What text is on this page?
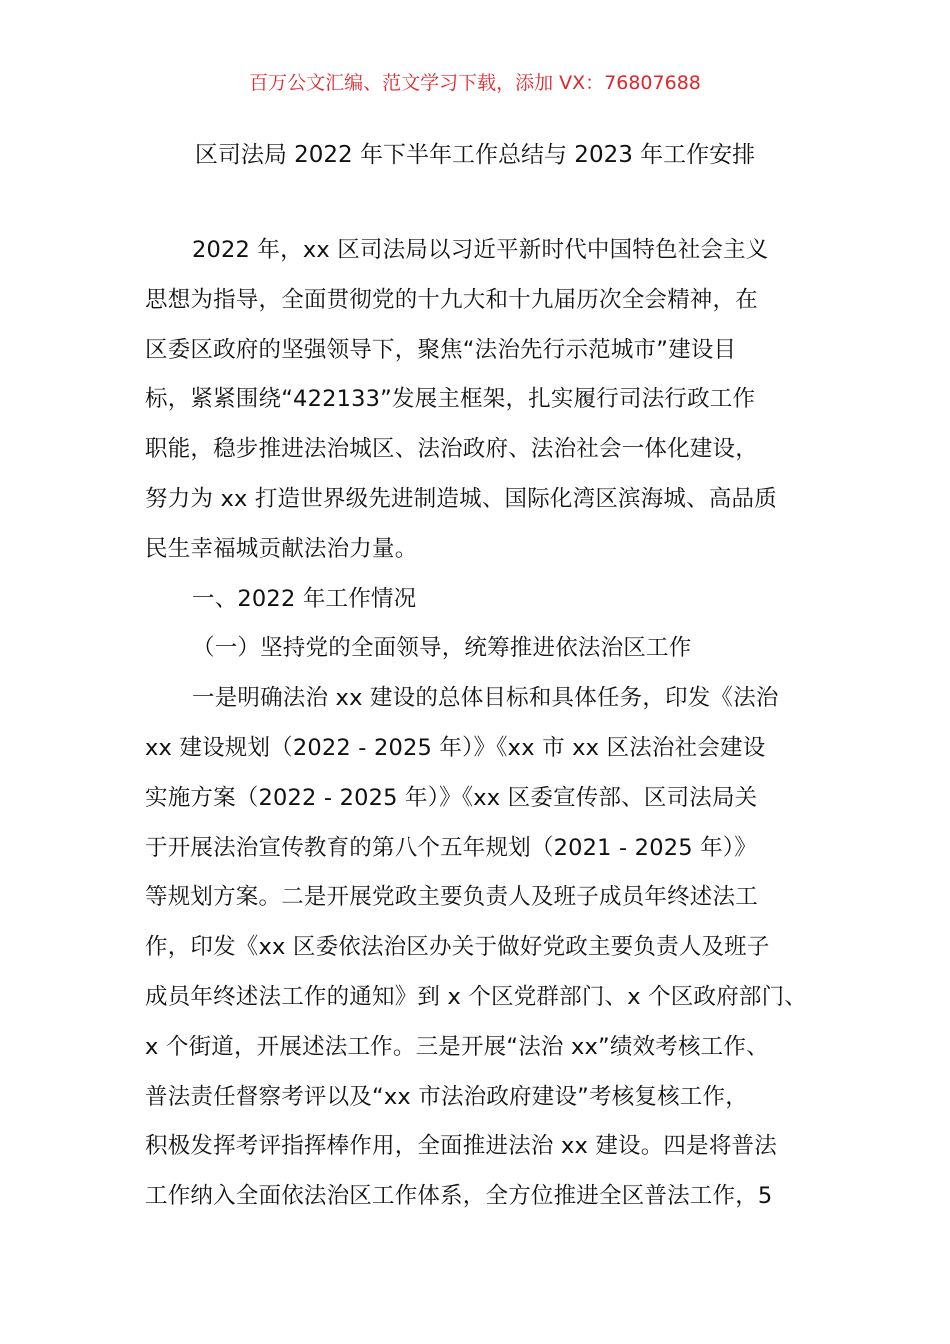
百万公文汇编、范文学习下载，添加 VX：76807688
区司法局 2022 年下半年工作总结与 2023 年工作安排
2022 年，xx 区司法局以习近平新时代中国特色社会主义
思想为指导，全面贯彻党的十九大和十九届历次全会精神，在
区委区政府的坚强领导下，聚焦“法治先行示范城市”建设目
标，紧紧围绕“422133”发展主框架，扎实履行司法行政工作
职能，稳步推进法治城区、法治政府、法治社会一体化建设，
努力为 xx 打造世界级先进制造城、国际化湾区滨海城、高品质
民生幸福城贡献法治力量。
一、2022 年工作情况
（一）坚持党的全面领导，统筹推进依法治区工作
一是明确法治 xx 建设的总体目标和具体任务，印发《法治
xx 建设规划（2022 - 2025 年）》《xx 市 xx 区法治社会建设
实施方案（2022 - 2025 年）》《xx 区委宣传部、区司法局关
于开展法治宣传教育的第八个五年规划（2021 - 2025 年）》
等规划方案。二是开展党政主要负责人及班子成员年终述法工
作，印发《xx 区委依法治区办关于做好党政主要负责人及班子
成员年终述法工作的通知》到 x 个区党群部门、x 个区政府部门、
x 个街道，开展述法工作。三是开展“法治 xx”绩效考核工作、
普法责任督察考评以及“xx 市法治政府建设”考核复核工作，
积极发挥考评指挥棒作用，全面推进法治 xx 建设。四是将普法
工作纳入全面依法治区工作体系，全方位推进全区普法工作，5
